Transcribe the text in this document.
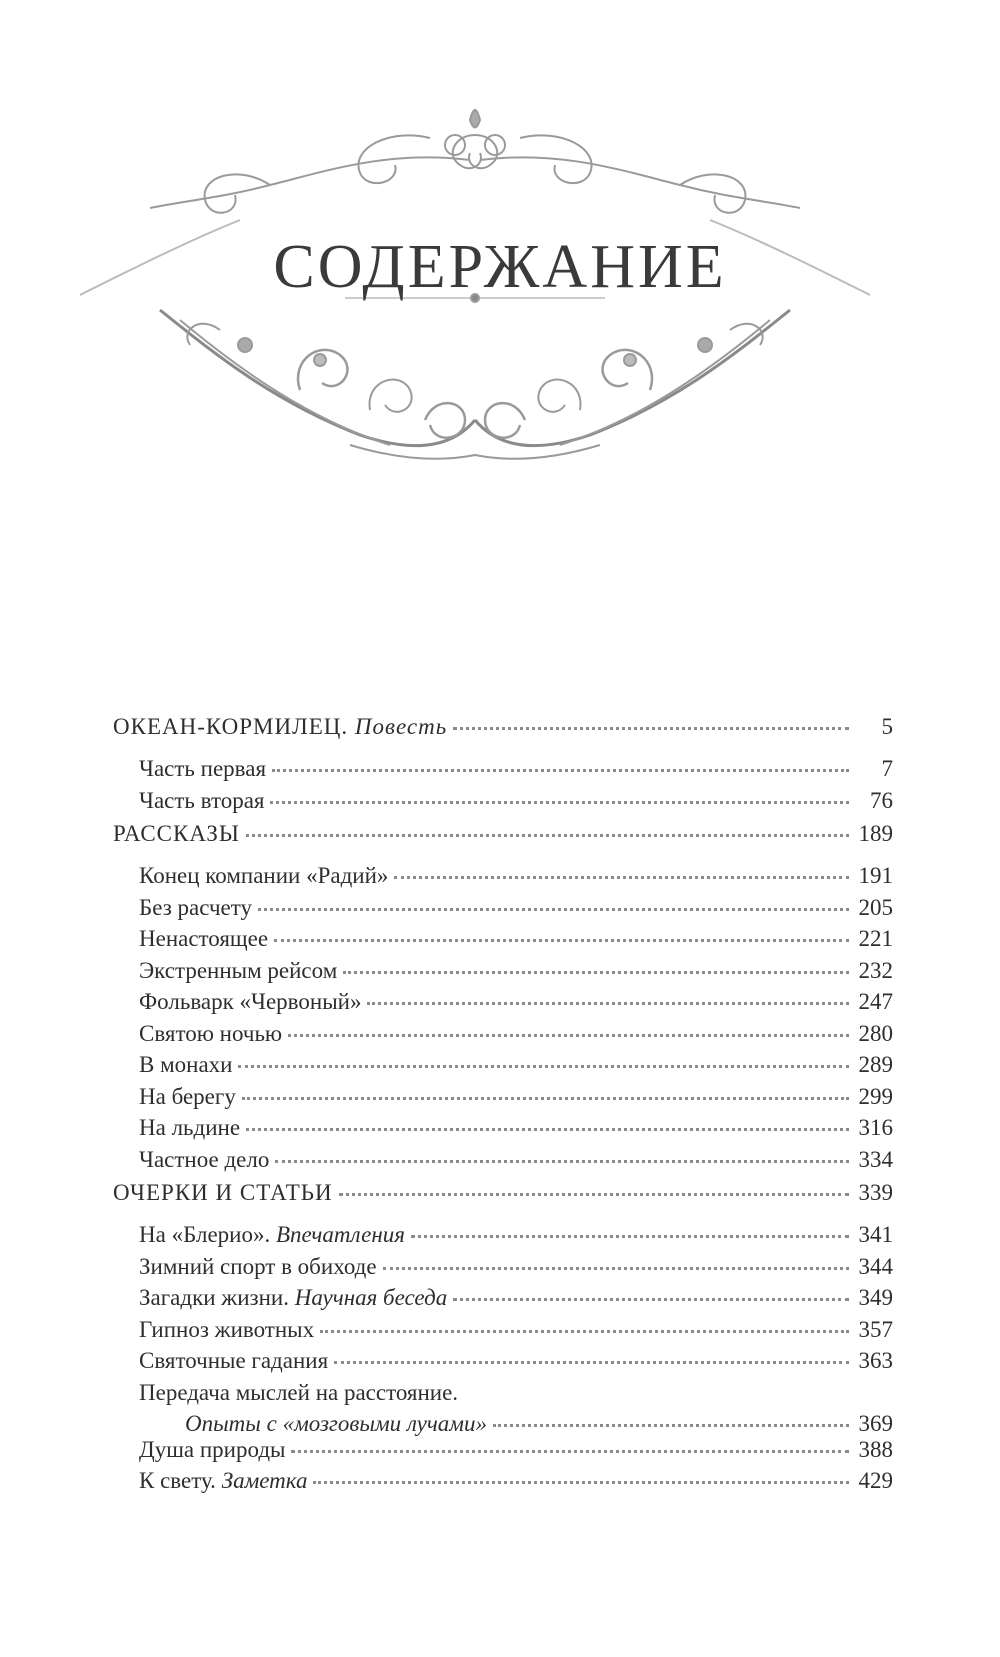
СОДЕРЖАНИЕ
ОКЕАН-КОРМИЛЕЦ. Повесть	5
Часть первая	7
Часть вторая	76
РАССКАЗЫ	189
Конец компании «Радий»	191
Без расчету	205
Ненастоящее	221
Экстренным рейсом	232
Фольварк «Червоный»	247
Святою ночью	280
В монахи	289
На берегу	299
На льдине	316
Частное дело	334
ОЧЕРКИ И СТАТЬИ	339
На «Блерио». Впечатления	341
Зимний спорт в обиходе	344
Загадки жизни. Научная беседа	349
Гипноз животных	357
Святочные гадания	363
Передача мыслей на расстояние.
Опыты с «мозговыми лучами»	369
Душа природы	388
К свету. Заметка	429
